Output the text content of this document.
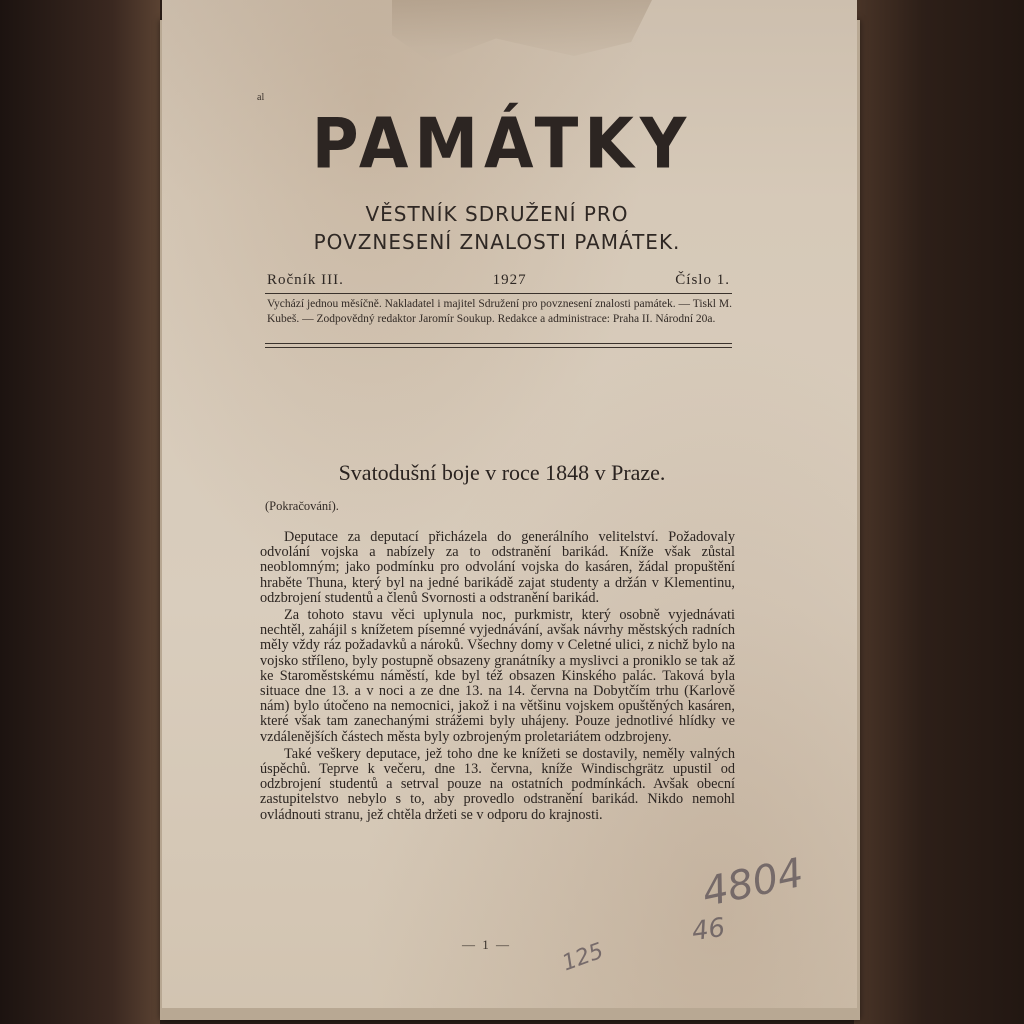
PAMÁTKY
al
VĚSTNÍK SDRUŽENÍ PRO
POVZNESENÍ ZNALOSTI PAMÁTEK.
Ročník III.	1927	Číslo 1.
Vychází jednou měsíčně. Nakladatel i majitel Sdružení pro povznesení znalosti památek. — Tiskl M. Kubeš. — Zodpovědný redaktor Jaromír Soukup. Redakce a administrace: Praha II. Národní 20a.
Svatodušní boje v roce 1848 v Praze.
(Pokračování).

Deputace za deputací přicházela do generálního velitelství. Požadovaly odvolání vojska a nabízely za to odstranění barikád. Kníže však zůstal neoblomným; jako podmínku pro odvolání vojska do kasáren, žádal propuštění hraběte Thuna, který byl na jedné barikádě zajat studenty a držán v Klementinu, odzbrojení studentů a členů Svornosti a odstranění barikád.

Za tohoto stavu věci uplynula noc, purkmistr, který osobně vyjednávati nechtěl, zahájil s knížetem písemné vyjednávání, avšak návrhy městských radních měly vždy ráz požadavků a nároků. Všechny domy v Celetné ulici, z nichž bylo na vojsko stříleno, byly postupně obsazeny granátníky a myslivci a proniklo se tak až ke Staroměstskému náměstí, kde byl též obsazen Kinského palác. Taková byla situace dne 13. a v noci a ze dne 13. na 14. června na Dobytčím trhu (Karlově nám) bylo útočeno na nemocnici, jakož i na většinu vojskem opuštěných kasáren, které však tam zanechanými strážemi byly uhájeny. Pouze jednotlivé hlídky ve vzdálenějších částech města byly ozbrojeným proletariátem odzbrojeny.

Také veškery deputace, jež toho dne ke knížeti se dostavily, neměly valných úspěchů. Teprve k večeru, dne 13. června, kníže Windischgrätz upustil od odzbrojení studentů a setrval pouze na ostatních podmínkách. Avšak obecní zastupitelstvo nebylo s to, aby provedlo odstranění barikád. Nikdo nemohl ovládnouti stranu, jež chtěla držeti se v odporu do krajnosti.

— 1 —
4804
46
125
